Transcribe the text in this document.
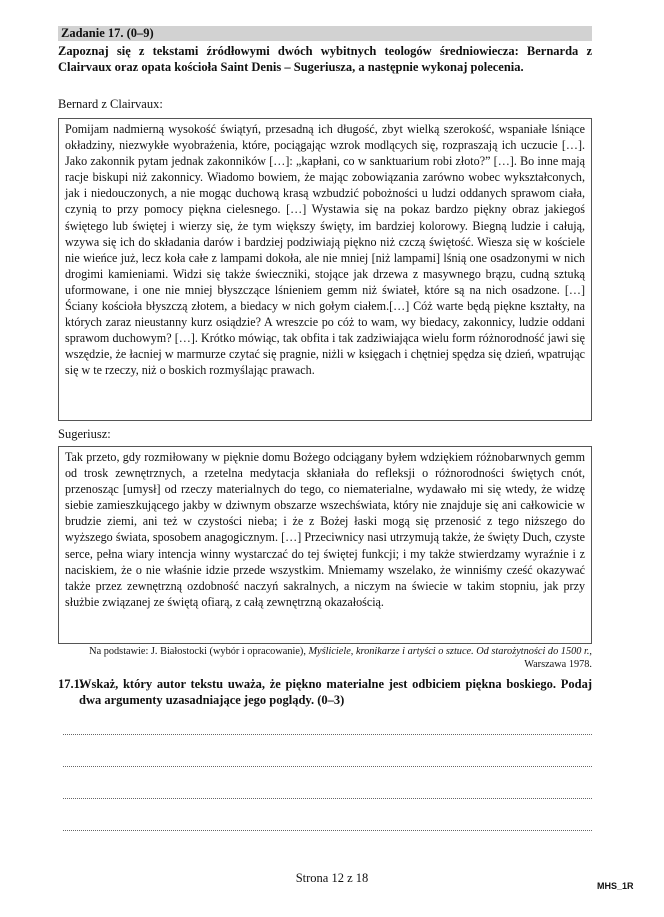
Zadanie 17. (0–9)
Zapoznaj się z tekstami źródłowymi dwóch wybitnych teologów średniowiecza: Bernarda z Clairvaux oraz opata kościoła Saint Denis – Sugeriusza, a następnie wykonaj polecenia.
Bernard z Clairvaux:

Pomijam nadmierną wysokość świątyń, przesadną ich długość, zbyt wielką szerokość, wspaniałe lśniące okładziny, niezwykłe wyobrażenia, które, pociągając wzrok modlących się, rozpraszają ich uczucie […]. Jako zakonnik pytam jednak zakonników […]: „kapłani, co w sanktuarium robi złoto?” […]. Bo inne mają racje biskupi niż zakonnicy. Wiadomo bowiem, że mając zobowiązania zarówno wobec wykształconych, jak i niedouczonych, a nie mogąc duchową krasą wzbudzić pobożności u ludzi oddanych sprawom ciała, czynią to przy pomocy piękna cielesnego. […] Wystawia się na pokaz bardzo piękny obraz jakiegoś świętego lub świętej i wierzy się, że tym większy święty, im bardziej kolorowy. Biegną ludzie i całują, wzywa się ich do składania darów i bardziej podziwiają piękno niż czczą świętość. Wiesza się w kościele nie wieńce już, lecz koła całe z lampami dokoła, ale nie mniej [niż lampami] lśnią one osadzonymi w nich drogimi kamieniami. Widzi się także świeczniki, stojące jak drzewa z masywnego brązu, cudną sztuką uformowane, i one nie mniej błyszczące lśnieniem gemm niż świateł, które są na nich osadzone. […] Ściany kościoła błyszczą złotem, a biedacy w nich gołym ciałem.[…] Cóż warte będą piękne kształty, na których zaraz nieustanny kurz osiądzie? A wreszcie po cóż to wam, wy biedacy, zakonnicy, ludzie oddani sprawom duchowym? […]. Krótko mówiąc, tak obfita i tak zadziwiająca wielu form różnorodność jawi się wszędzie, że łacniej w marmurze czytać się pragnie, niżli w księgach i chętniej spędza się dzień, wpatrując się w te rzeczy, niż o boskich rozmyślając prawach.

Sugeriusz:

Tak przeto, gdy rozmiłowany w pięknie domu Bożego odciągany byłem wdziękiem różnobarwnych gemm od trosk zewnętrznych, a rzetelna medytacja skłaniała do refleksji o różnorodności świętych cnót, przenosząc [umysł] od rzeczy materialnych do tego, co niematerialne, wydawało mi się wtedy, że widzę siebie zamieszkującego jakby w dziwnym obszarze wszechświata, który nie znajduje się ani całkowicie w brudzie ziemi, ani też w czystości nieba; i że z Bożej łaski mogą się przenosić z tego niższego do wyższego świata, sposobem anagogicznym. […] Przeciwnicy nasi utrzymują także, że święty Duch, czyste serce, pełna wiary intencja winny wystarczać do tej świętej funkcji; i my także stwierdzamy wyraźnie i z naciskiem, że o nie właśnie idzie przede wszystkim. Mniemamy wszelako, że winniśmy cześć okazywać także przez zewnętrzną ozdobność naczyń sakralnych, a niczym na świecie w takim stopniu, jak przy służbie związanej ze świętą ofiarą, z całą zewnętrzną okazałością.

Na podstawie: J. Białostocki (wybór i opracowanie), Myśliciele, kronikarze i artyści o sztuce. Od starożytności do 1500 r., Warszawa 1978.
17.1.
Wskaż, który autor tekstu uważa, że piękno materialne jest odbiciem piękna boskiego. Podaj dwa argumenty uzasadniające jego poglądy. (0–3)
Strona 12 z 18
MHS_1R
